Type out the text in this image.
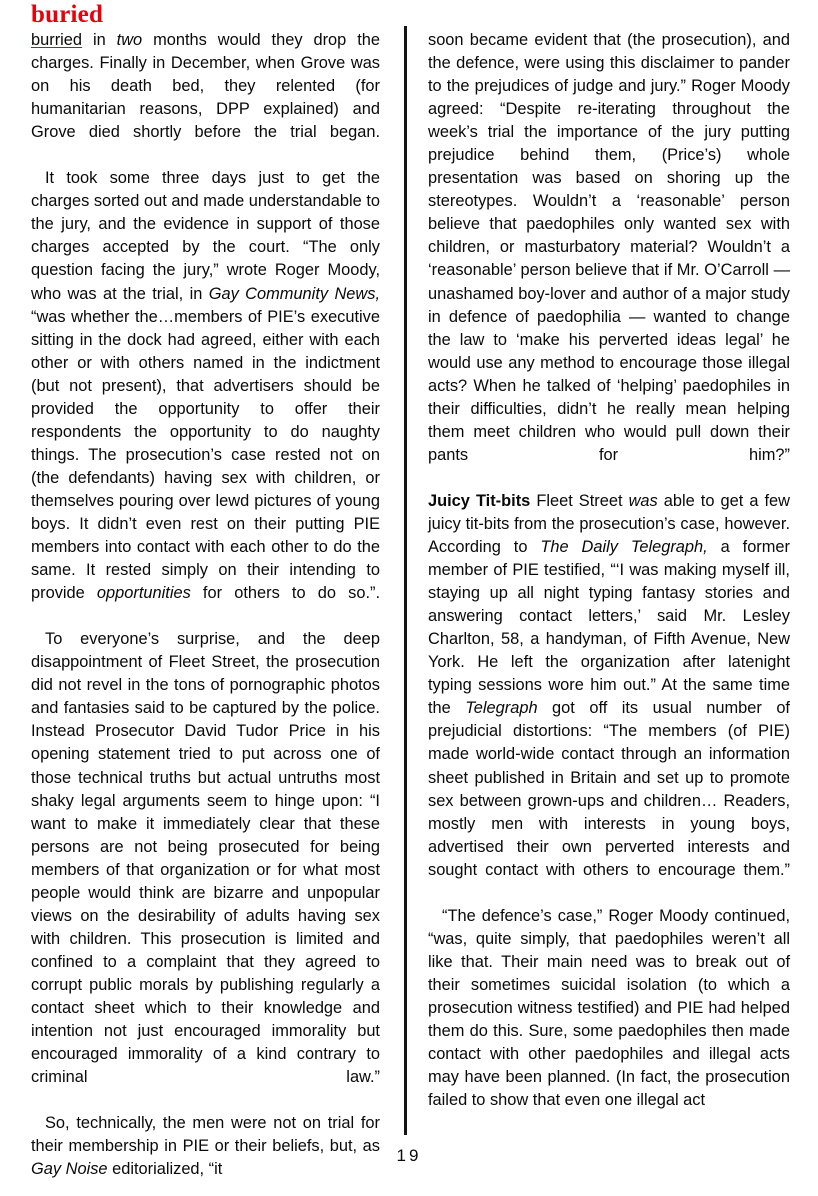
buried

burried in two months would they drop the charges. Finally in December, when Grove was on his death bed, they relented (for humanitarian reasons, DPP explained) and Grove died shortly before the trial began.

It took some three days just to get the charges sorted out and made understandable to the jury, and the evidence in support of those charges accepted by the court. “The only question facing the jury,” wrote Roger Moody, who was at the trial, in Gay Community News, “was whether the…members of PIE’s executive sitting in the dock had agreed, either with each other or with others named in the indictment (but not present), that advertisers should be provided the opportunity to offer their respondents the opportunity to do naughty things. The prosecution’s case rested not on (the defendants) having sex with children, or themselves pouring over lewd pictures of young boys. It didn’t even rest on their putting PIE members into contact with each other to do the same. It rested simply on their intending to provide opportunities for others to do so.”.

To everyone’s surprise, and the deep disappointment of Fleet Street, the prosecution did not revel in the tons of pornographic photos and fantasies said to be captured by the police. Instead Prosecutor David Tudor Price in his opening statement tried to put across one of those technical truths but actual untruths most shaky legal arguments seem to hinge upon: “I want to make it immediately clear that these persons are not being prosecuted for being members of that organization or for what most people would think are bizarre and unpopular views on the desirability of adults having sex with children. This prosecution is limited and confined to a complaint that they agreed to corrupt public morals by publishing regularly a contact sheet which to their knowledge and intention not just encouraged immorality but encouraged immorality of a kind contrary to criminal law.”

So, technically, the men were not on trial for their membership in PIE or their beliefs, but, as Gay Noise editorialized, “it

soon became evident that (the prosecution), and the defence, were using this disclaimer to pander to the prejudices of judge and jury.” Roger Moody agreed: “Despite re-iterating throughout the week’s trial the importance of the jury putting prejudice behind them, (Price’s) whole presentation was based on shoring up the stereotypes. Wouldn’t a ‘reasonable’ person believe that paedophiles only wanted sex with children, or masturbatory material? Wouldn’t a ‘reasonable’ person believe that if Mr. O’Carroll — unashamed boy-lover and author of a major study in defence of paedophilia — wanted to change the law to ‘make his perverted ideas legal’ he would use any method to encourage those illegal acts? When he talked of ‘helping’ paedophiles in their difficulties, didn’t he really mean helping them meet children who would pull down their pants for him?”

Juicy Tit-bits Fleet Street was able to get a few juicy tit-bits from the prosecution’s case, however. According to The Daily Telegraph, a former member of PIE testified, “‘I was making myself ill, staying up all night typing fantasy stories and answering contact letters,’ said Mr. Lesley Charlton, 58, a handyman, of Fifth Avenue, New York. He left the organization after latenight typing sessions wore him out.” At the same time the Telegraph got off its usual number of prejudicial distortions: “The members (of PIE) made world-wide contact through an information sheet published in Britain and set up to promote sex between grown-ups and children… Readers, mostly men with interests in young boys, advertised their own perverted interests and sought contact with others to encourage them.”

“The defence’s case,” Roger Moody continued, “was, quite simply, that paedophiles weren’t all like that. Their main need was to break out of their sometimes suicidal isolation (to which a prosecution witness testified) and PIE had helped them do this. Sure, some paedophiles then made contact with other paedophiles and illegal acts may have been planned. (In fact, the prosecution failed to show that even one illegal act

19
